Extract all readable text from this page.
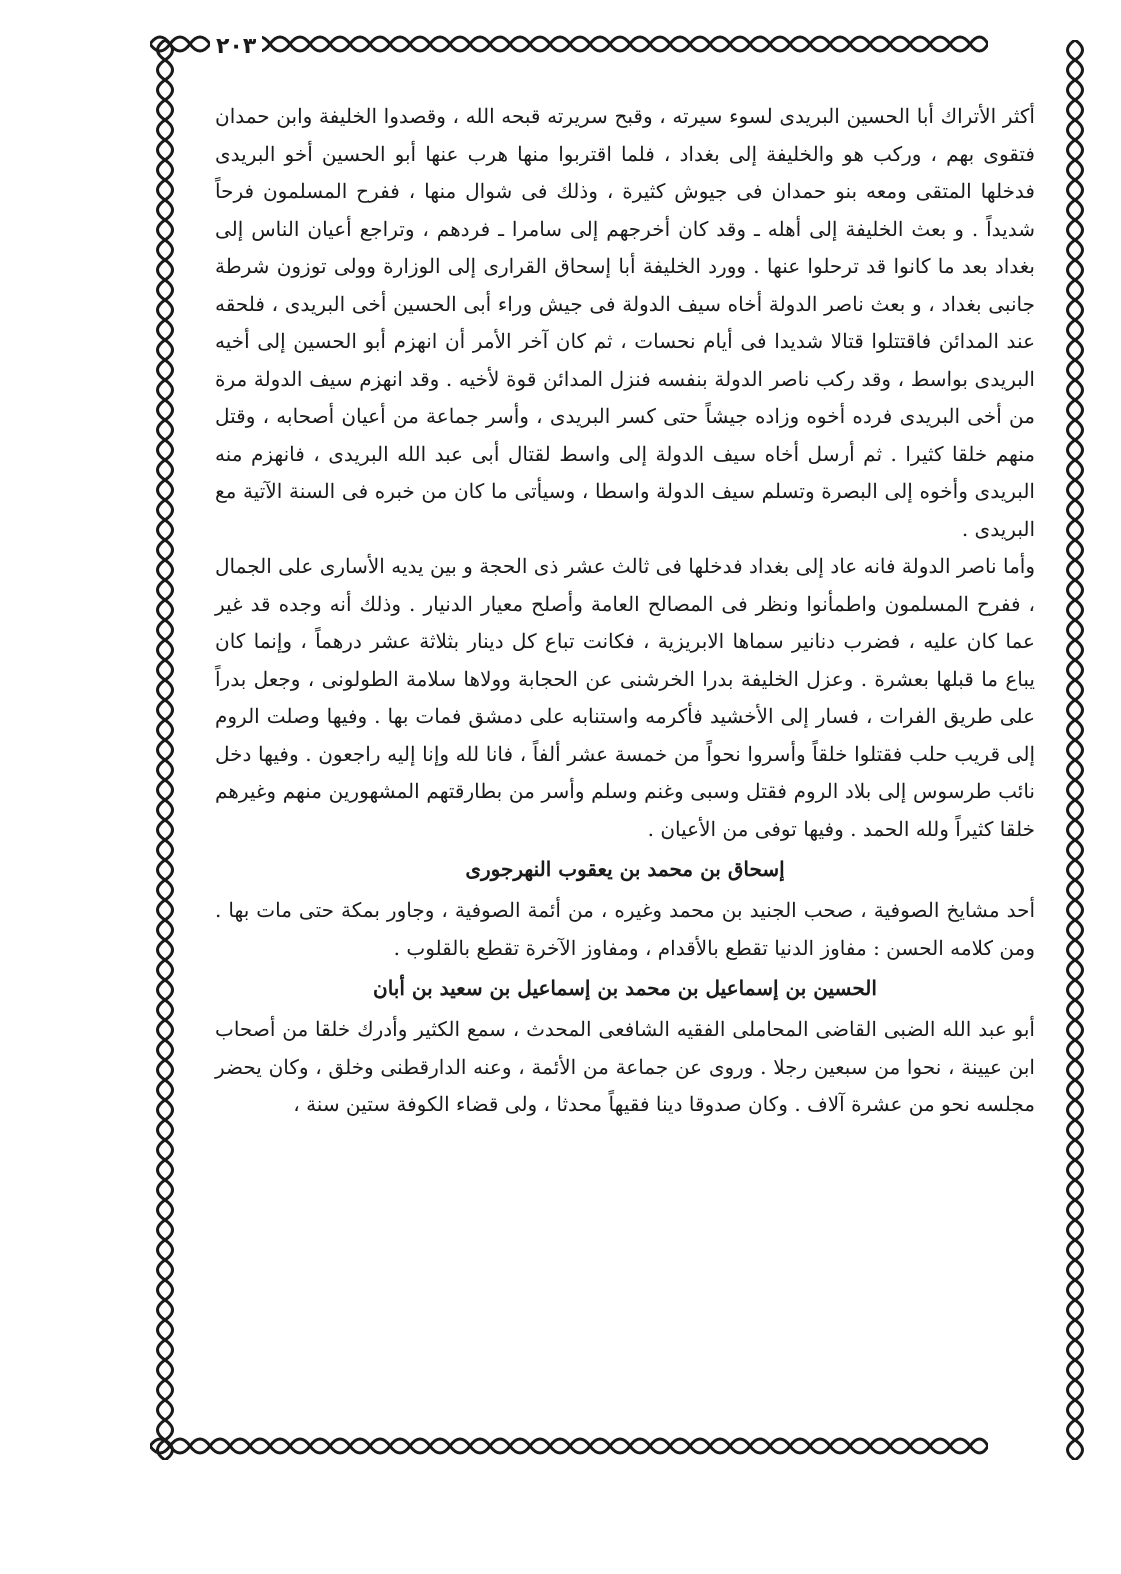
٢٠٣

أكثر الأتراك أبا الحسين البريدى لسوء سيرته ، وقبح سريرته قبحه الله ، وقصدوا الخليفة وابن حمدان فتقوى بهم ، وركب هو والخليفة إلى بغداد ، فلما اقتربوا منها هرب عنها أبو الحسين أخو البريدى فدخلها المتقى ومعه بنو حمدان فى جيوش كثيرة ، وذلك فى شوال منها ، ففرح المسلمون فرحاً شديداً . و بعث الخليفة إلى أهله ـ وقد كان أخرجهم إلى سامرا ـ فردهم ، وتراجع أعيان الناس إلى بغداد بعد ما كانوا قد ترحلوا عنها . وورد الخليفة أبا إسحاق القرارى إلى الوزارة وولى توزون شرطة جانبى بغداد ، و بعث ناصر الدولة أخاه سيف الدولة فى جيش وراء أبى الحسين أخى البريدى ، فلحقه عند المدائن فاقتتلوا قتالا شديدا فى أيام نحسات ، ثم كان آخر الأمر أن انهزم أبو الحسين إلى أخيه البريدى بواسط ، وقد ركب ناصر الدولة بنفسه فنزل المدائن قوة لأخيه . وقد انهزم سيف الدولة مرة من أخى البريدى فرده أخوه وزاده جيشاً حتى كسر البريدى ، وأسر جماعة من أعيان أصحابه ، وقتل منهم خلقا كثيرا . ثم أرسل أخاه سيف الدولة إلى واسط لقتال أبى عبد الله البريدى ، فانهزم منه البريدى وأخوه إلى البصرة وتسلم سيف الدولة واسطا ، وسيأتى ما كان من خبره فى السنة الآتية مع البريدى .

وأما ناصر الدولة فانه عاد إلى بغداد فدخلها فى ثالث عشر ذى الحجة و بين يديه الأسارى على الجمال ، ففرح المسلمون واطمأنوا ونظر فى المصالح العامة وأصلح معيار الدنيار . وذلك أنه وجده قد غير عما كان عليه ، فضرب دنانير سماها الابريزية ، فكانت تباع كل دينار بثلاثة عشر درهماً ، وإنما كان يباع ما قبلها بعشرة . وعزل الخليفة بدرا الخرشنى عن الحجابة وولاها سلامة الطولونى ، وجعل بدراً على طريق الفرات ، فسار إلى الأخشيد فأكرمه واستنابه على دمشق فمات بها . وفيها وصلت الروم إلى قريب حلب فقتلوا خلقاً وأسروا نحواً من خمسة عشر ألفاً ، فانا لله وإنا إليه راجعون . وفيها دخل نائب طرسوس إلى بلاد الروم فقتل وسبى وغنم وسلم وأسر من بطارقتهم المشهورين منهم وغيرهم خلقا كثيراً ولله الحمد . وفيها توفى من الأعيان .

إسحاق بن محمد بن يعقوب النهرجورى

أحد مشايخ الصوفية ، صحب الجنيد بن محمد وغيره ، من أئمة الصوفية ، وجاور بمكة حتى مات بها . ومن كلامه الحسن : مفاوز الدنيا تقطع بالأقدام ، ومفاوز الآخرة تقطع بالقلوب .

الحسين بن إسماعيل بن محمد بن إسماعيل بن سعيد بن أبان

أبو عبد الله الضبى القاضى المحاملى الفقيه الشافعى المحدث ، سمع الكثير وأدرك خلقا من أصحاب ابن عيينة ، نحوا من سبعين رجلا . وروى عن جماعة من الأئمة ، وعنه الدارقطنى وخلق ، وكان يحضر مجلسه نحو من عشرة آلاف . وكان صدوقا دينا فقيهاً محدثا ، ولى قضاء الكوفة ستين سنة ،
